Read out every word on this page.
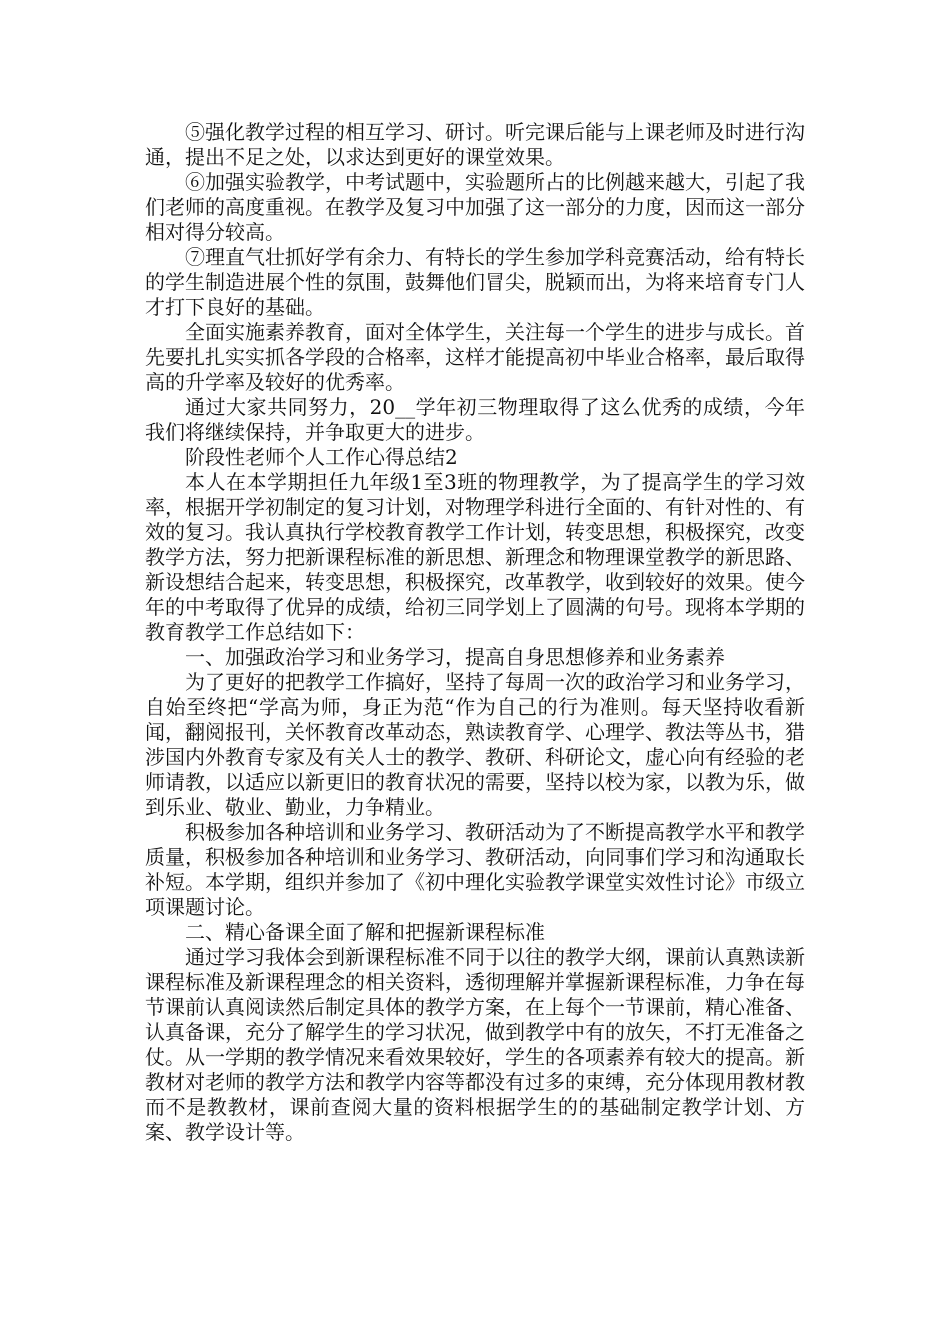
⑤强化教学过程的相互学习、研讨。听完课后能与上课老师及时进行沟通，提出不足之处，以求达到更好的课堂效果。

⑥加强实验教学，中考试题中，实验题所占的比例越来越大，引起了我们老师的高度重视。在教学及复习中加强了这一部分的力度，因而这一部分相对得分较高。

⑦理直气壮抓好学有余力、有特长的学生参加学科竞赛活动，给有特长的学生制造进展个性的氛围，鼓舞他们冒尖，脱颖而出，为将来培育专门人才打下良好的基础。

全面实施素养教育，面对全体学生，关注每一个学生的进步与成长。首先要扎扎实实抓各学段的合格率，这样才能提高初中毕业合格率，最后取得高的升学率及较好的优秀率。

通过大家共同努力，20__学年初三物理取得了这么优秀的成绩，今年我们将继续保持，并争取更大的进步。

阶段性老师个人工作心得总结2

本人在本学期担任九年级1至3班的物理教学，为了提高学生的学习效率，根据开学初制定的复习计划，对物理学科进行全面的、有针对性的、有效的复习。我认真执行学校教育教学工作计划，转变思想，积极探究，改变教学方法，努力把新课程标准的新思想、新理念和物理课堂教学的新思路、新设想结合起来，转变思想，积极探究，改革教学，收到较好的效果。使今年的中考取得了优异的成绩，给初三同学划上了圆满的句号。现将本学期的教育教学工作总结如下：

一、加强政治学习和业务学习，提高自身思想修养和业务素养

为了更好的把教学工作搞好，坚持了每周一次的政治学习和业务学习，自始至终把“学高为师，身正为范“作为自己的行为准则。每天坚持收看新闻，翻阅报刊，关怀教育改革动态，熟读教育学、心理学、教法等丛书，猎涉国内外教育专家及有关人士的教学、教研、科研论文，虚心向有经验的老师请教，以适应以新更旧的教育状况的需要，坚持以校为家，以教为乐，做到乐业、敬业、勤业，力争精业。

积极参加各种培训和业务学习、教研活动为了不断提高教学水平和教学质量，积极参加各种培训和业务学习、教研活动，向同事们学习和沟通取长补短。本学期，组织并参加了《初中理化实验教学课堂实效性讨论》市级立项课题讨论。

二、精心备课全面了解和把握新课程标准

通过学习我体会到新课程标准不同于以往的教学大纲，课前认真熟读新课程标准及新课程理念的相关资料，透彻理解并掌握新课程标准，力争在每节课前认真阅读然后制定具体的教学方案，在上每个一节课前，精心准备、认真备课，充分了解学生的学习状况，做到教学中有的放矢，不打无准备之仗。从一学期的教学情况来看效果较好，学生的各项素养有较大的提高。新教材对老师的教学方法和教学内容等都没有过多的束缚，充分体现用教材教而不是教教材，课前查阅大量的资料根据学生的的基础制定教学计划、方案、教学设计等。
